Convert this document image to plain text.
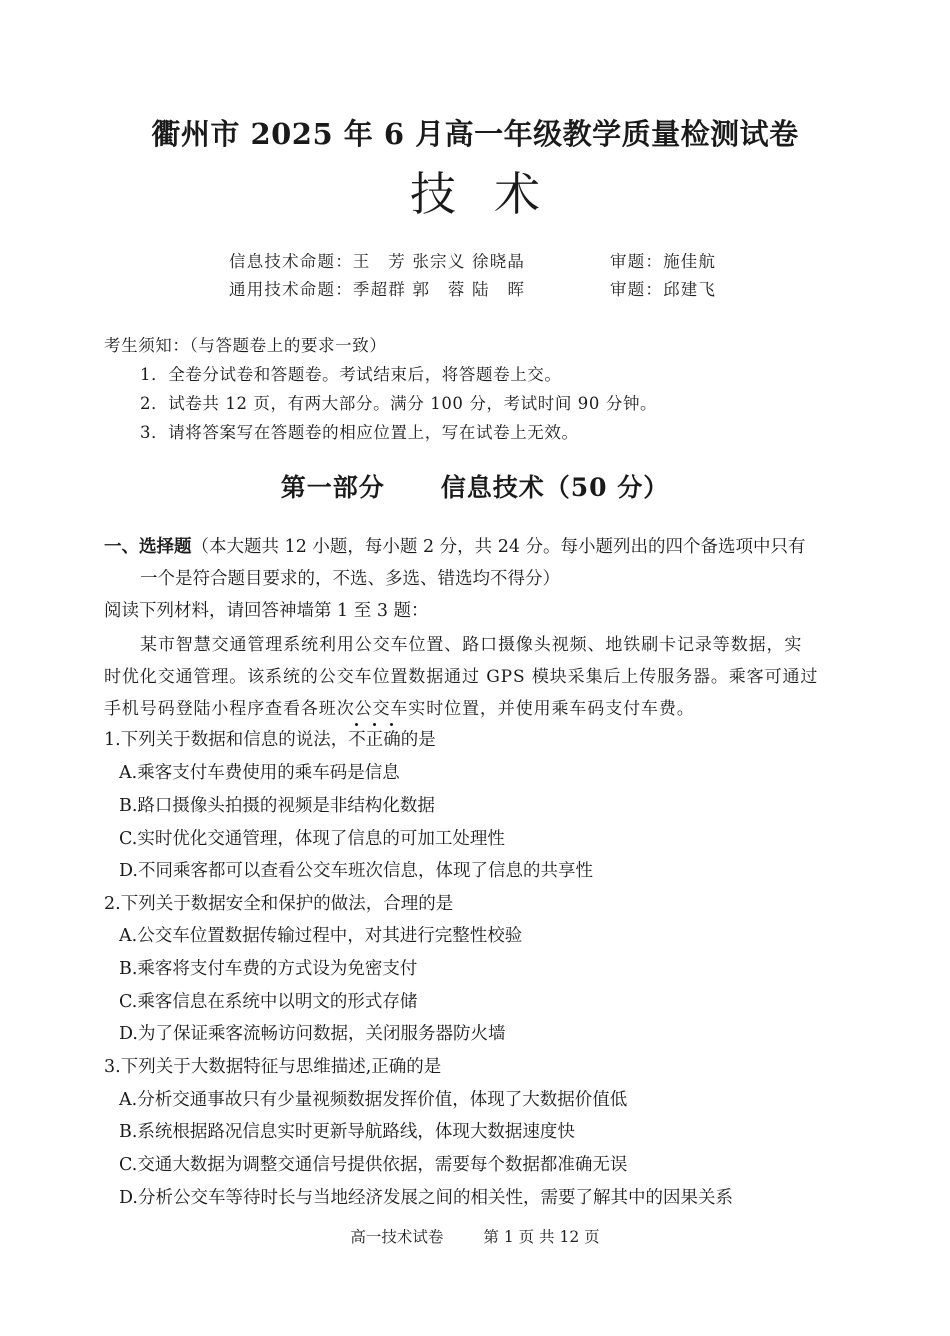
衢州市 2025 年 6 月高一年级教学质量检测试卷
技术
信息技术命题：王　芳 张宗义 徐晓晶	审题：施佳航
通用技术命题：季超群 郭　蓉 陆　晖	审题：邱建飞
考生须知：（与答题卷上的要求一致）
1．全卷分试卷和答题卷。考试结束后，将答题卷上交。
2．试卷共 12 页，有两大部分。满分 100 分，考试时间 90 分钟。
3．请将答案写在答题卷的相应位置上，写在试卷上无效。
第一部分 信息技术（50 分）
一、选择题（本大题共 12 小题，每小题 2 分，共 24 分。每小题列出的四个备选项中只有
一个是符合题目要求的，不选、多选、错选均不得分）
阅读下列材料，请回答神墙第 1 至 3 题：
某市智慧交通管理系统利用公交车位置、路口摄像头视频、地铁刷卡记录等数据，实
时优化交通管理。该系统的公交车位置数据通过 GPS 模块采集后上传服务器。乘客可通过
手机号码登陆小程序查看各班次公交车实时位置，并使用乘车码支付车费。
1.下列关于数据和信息的说法，
不
正
确的是
A.乘客支付车费使用的乘车码是信息
B.路口摄像头拍摄的视频是非结构化数据
C.实时优化交通管理，体现了信息的可加工处理性
D.不同乘客都可以查看公交车班次信息，体现了信息的共享性
2.下列关于数据安全和保护的做法，合理的是
A.公交车位置数据传输过程中，对其进行完整性校验
B.乘客将支付车费的方式设为免密支付
C.乘客信息在系统中以明文的形式存储
D.为了保证乘客流畅访问数据，关闭服务器防火墙
3.下列关于大数据特征与思维描述,正确的是
A.分析交通事故只有少量视频数据发挥价值，体现了大数据价值低
B.系统根据路况信息实时更新导航路线，体现大数据速度快
C.交通大数据为调整交通信号提供依据，需要每个数据都准确无误
D.分析公交车等待时长与当地经济发展之间的相关性，需要了解其中的因果关系
高一技术试卷	第 1 页 共 12 页
